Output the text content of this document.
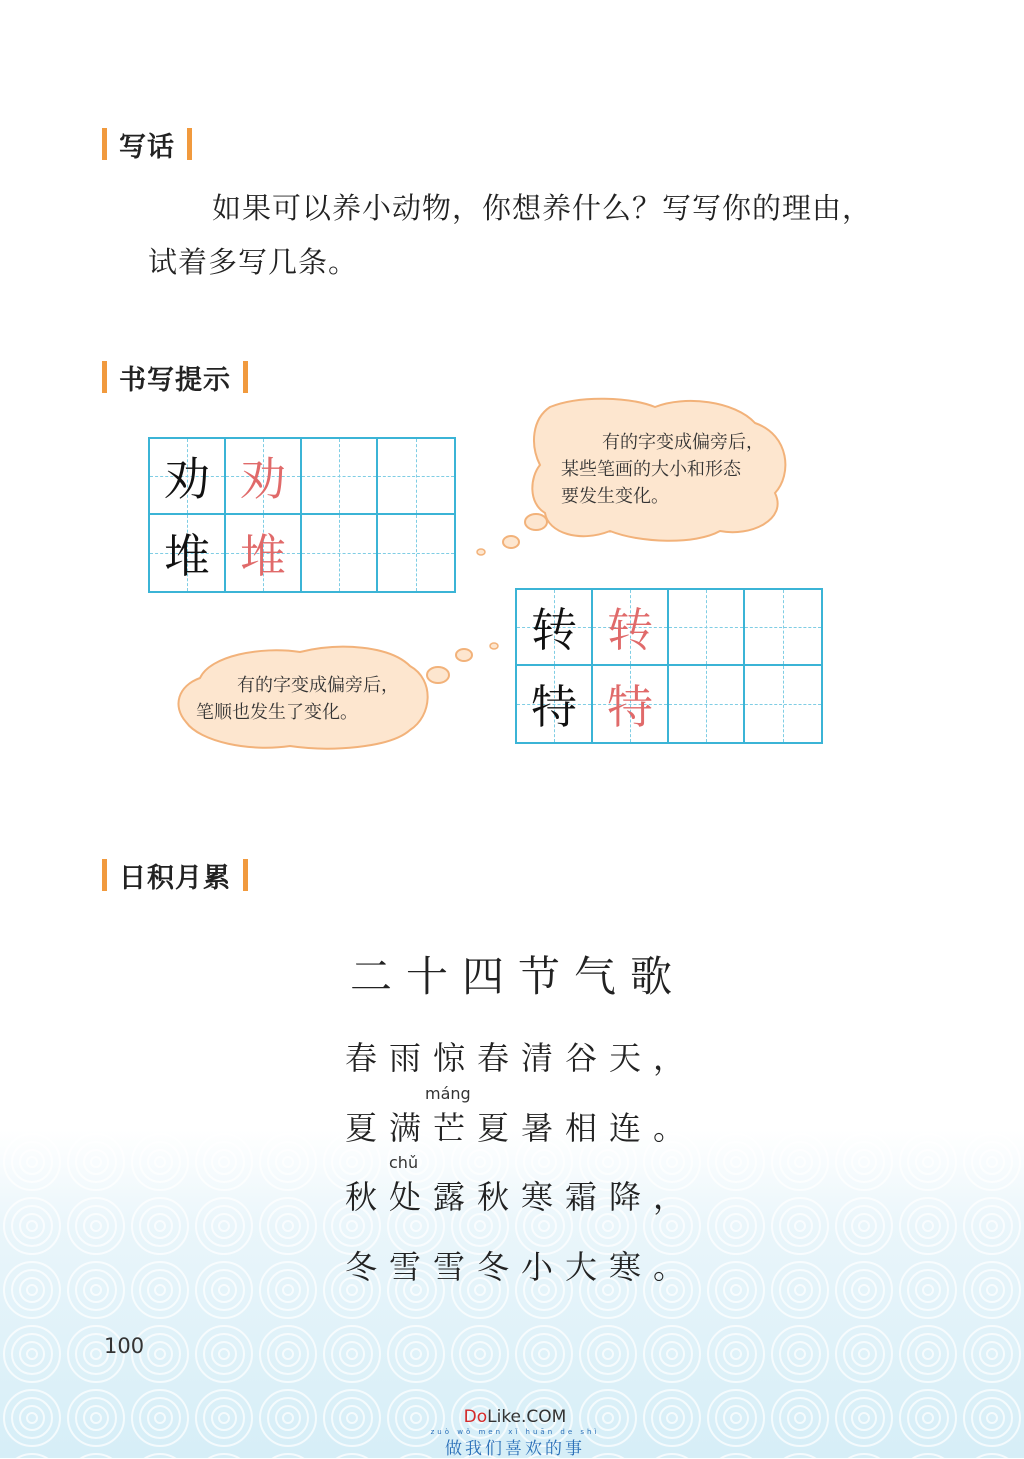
写话
如果可以养小动物，你想养什么？写写你的理由，
试着多写几条。
书写提示
劝 劝
堆 堆
转 转
特 特
有的字变成偏旁后，
某些笔画的大小和形态
要发生变化。
有的字变成偏旁后，
笔顺也发生了变化。
日积月累
二十四节气歌
春雨惊春清谷天，
máng
夏满芒夏暑相连。
chǔ
秋处露秋寒霜降，
冬雪雪冬小大寒。
100
DoLike.COM
zuò wǒ men xǐ huān de shì
做我们喜欢的事
